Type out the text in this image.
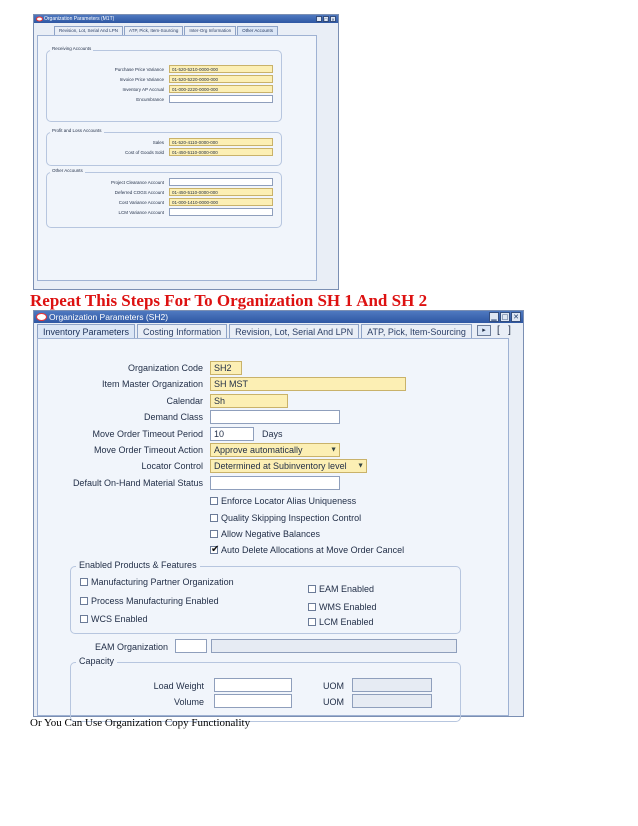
Organization Parameters (M1T)	▁ □ ✕
Revision, Lot, Serial And LPN	ATP, Pick, Item-Sourcing	Inter-Org Information	Other Accounts
Receiving Accounts
Purchase Price Variance	01-520-5210-0000-000
Invoice Price Variance	01-520-5220-0000-000
Inventory AP Accrual	01-000-2220-0000-000
Encumbrance
Profit and Loss Accounts
Sales	01-520-4110-0000-000
Cost of Goods Sold	01-450-5110-0000-000
Other Accounts
Project Clearance Account
Deferred COGS Account	01-450-5110-0000-000
Cost Variance Account	01-000-1410-0000-000
LCM Variance Account
Repeat This Steps For To Organization SH 1 And SH 2
Organization Parameters (SH2)	▁ □ ✕
Inventory Parameters	Costing Information	Revision, Lot, Serial And LPN	ATP, Pick, Item-Sourcing	▸	[   ]
Organization Code	SH2
Item Master Organization	SH MST
Calendar	Sh
Demand Class
Move Order Timeout Period	10	Days
Move Order Timeout Action	Approve automatically	▼
Locator Control	Determined at Subinventory level ▼
Default On-Hand Material Status
Enforce Locator Alias Uniqueness
Quality Skipping Inspection Control
Allow Negative Balances
✔
Auto Delete Allocations at Move Order Cancel
Enabled Products & Features
Manufacturing Partner Organization
Process Manufacturing Enabled
WCS Enabled
EAM Enabled
WMS Enabled
LCM Enabled
EAM Organization
Capacity
Load Weight	UOM
Volume	UOM
Or You Can Use Organization Copy Functionality
